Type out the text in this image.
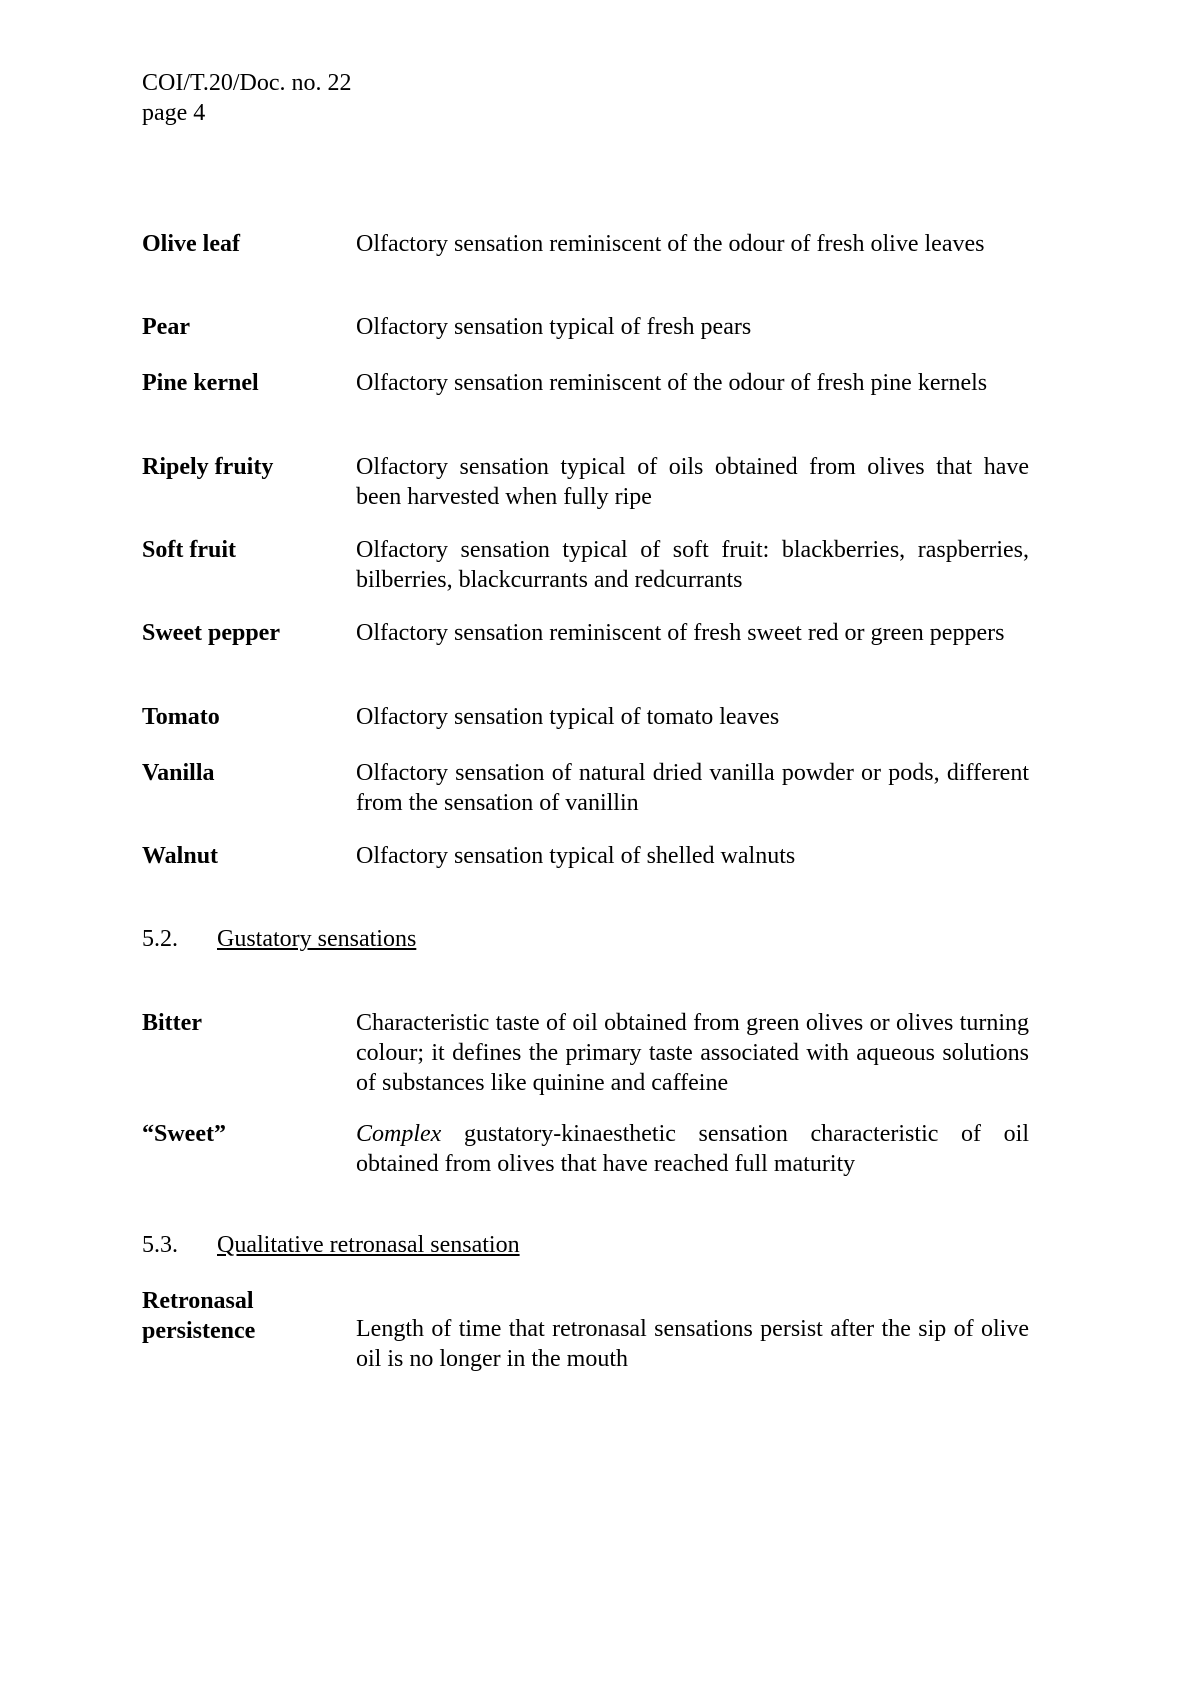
COI/T.20/Doc. no. 22
page 4
Olive leaf	Olfactory sensation reminiscent of the odour of fresh olive leaves
Pear	Olfactory sensation typical of fresh pears
Pine kernel	Olfactory sensation reminiscent of the odour of fresh pine kernels
Ripely fruity	Olfactory sensation typical of oils obtained from olives that have been harvested when fully ripe
Soft fruit	Olfactory sensation typical of soft fruit: blackberries, raspberries, bilberries, blackcurrants and redcurrants
Sweet pepper	Olfactory sensation reminiscent of fresh sweet red or green peppers
Tomato	Olfactory sensation typical of tomato leaves
Vanilla	Olfactory sensation of natural dried vanilla powder or pods, different from the sensation of vanillin
Walnut	Olfactory sensation typical of shelled walnuts
5.2. Gustatory sensations
Bitter	Characteristic taste of oil obtained from green olives or olives turning colour; it defines the primary taste associated with aqueous solutions of substances like quinine and caffeine
“Sweet”	Complex gustatory-kinaesthetic sensation characteristic of oil obtained from olives that have reached full maturity
5.3. Qualitative retronasal sensation
Retronasal
persistence	Length of time that retronasal sensations persist after the sip of olive oil is no longer in the mouth
